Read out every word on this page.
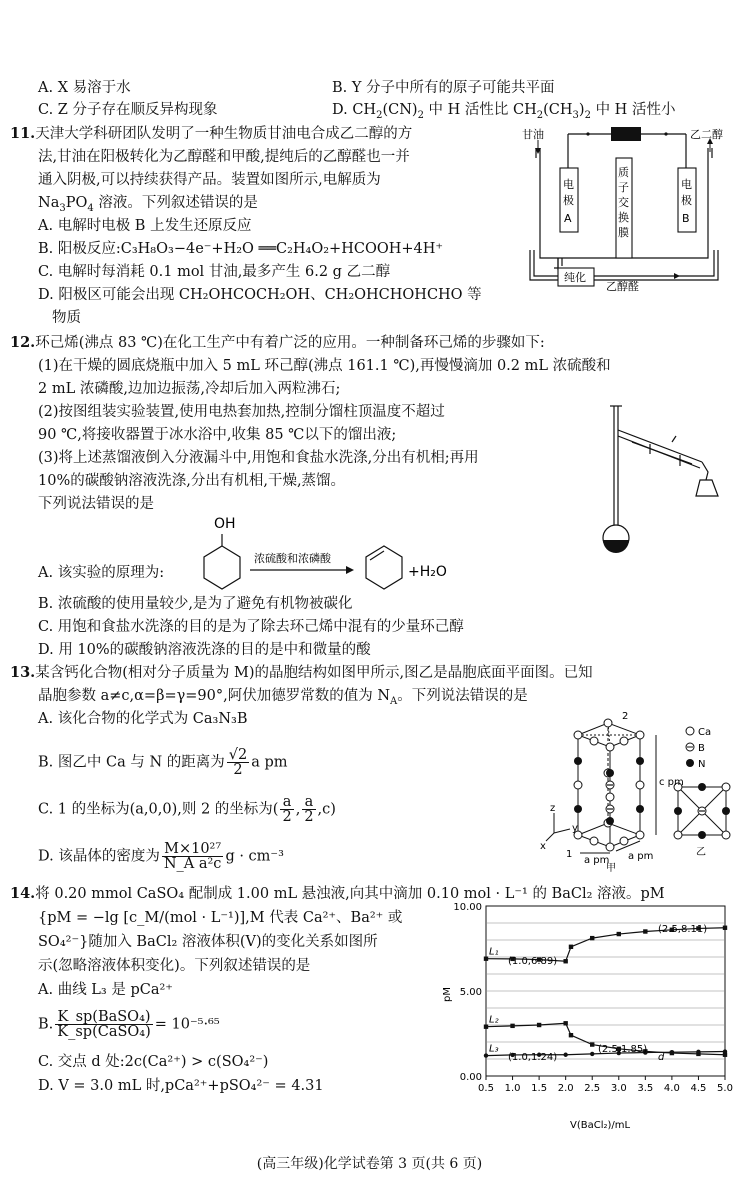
A. X 易溶于水	B. Y 分子中所有的原子可能共平面
C. Z 分子存在顺反异构现象	D. $CH_2(CN)_2$ 中 H 活性比 $CH_2(CH_3)_2$ 中 H 活性小
11.天津大学科研团队发明了一种生物质甘油电合成乙二醇的方
法,甘油在阳极转化为乙醇醛和甲酸,提纯后的乙醇醛也一并
通入阴极,可以持续获得产品。装置如图所示,电解质为
$Na_3PO_4$ 溶液。下列叙述错误的是
A. 电解时电极 B 上发生还原反应
B. 阳极反应:C₃H₈O₃−4e⁻+H₂O ══C₂H₄O₂+HCOOH+4H⁺
C. 电解时每消耗 0.1 mol 甘油,最多产生 6.2 g 乙二醇
D. 阳极区可能会出现 CH₂OHCOCH₂OH、CH₂OHCHOHCHO 等
物质
甘油	乙二醇
电
极
A
电
极
B
质
子
交
换
膜
纯化
乙醇醛
12.环己烯(沸点 83 ℃)在化工生产中有着广泛的应用。一种制备环己烯的步骤如下:
(1)在干燥的圆底烧瓶中加入 5 mL 环己醇(沸点 161.1 ℃),再慢慢滴加 0.2 mL 浓硫酸和
2 mL 浓磷酸,边加边振荡,冷却后加入两粒沸石;
(2)按图组装实验装置,使用电热套加热,控制分馏柱顶温度不超过
90 ℃,将接收器置于冰水浴中,收集 85 ℃以下的馏出液;
(3)将上述蒸馏液倒入分液漏斗中,用饱和食盐水洗涤,分出有机相;再用
10%的碳酸钠溶液洗涤,分出有机相,干燥,蒸馏。
下列说法错误的是
A. 该实验的原理为:
OH
浓硫酸和浓磷酸
+H₂O
B. 浓硫酸的使用量较少,是为了避免有机物被碳化
C. 用饱和食盐水洗涤的目的是为了除去环己烯中混有的少量环己醇
D. 用 10%的碳酸钠溶液洗涤的目的是中和微量的酸
13.某含钙化合物(相对分子质量为 M)的晶胞结构如图甲所示,图乙是晶胞底面平面图。已知
晶胞参数 a≠c,α=β=γ=90°,阿伏加德罗常数的值为 $N_A$。下列说法错误的是
A. 该化合物的化学式为 Ca₃N₃B
B. 图乙中 Ca 与 N 的距离为 $\frac{√2}{2}$ a pm
C. 1 的坐标为(a,0,0),则 2 的坐标为( $\frac{a}{2}$ , $\frac{a}{2} ,c$)
D. 该晶体的密度为 $\frac{\text{M×10²⁷}}{\text{N\_A a²c}}$ g · cm⁻³
Ca
B
N
c pm
a pm a pm
1
2
z
y
x
甲
乙
14.将 0.20 mmol CaSO₄ 配制成 1.00 mL 悬浊液,向其中滴加 0.10 mol · L⁻¹ 的 BaCl₂ 溶液。pM
{pM = −lg [c_M/(mol · L⁻¹)],M 代表 Ca²⁺、Ba²⁺ 或
SO₄²⁻}随加入 BaCl₂ 溶液体积(V)的变化关系如图所
示(忽略溶液体积变化)。下列叙述错误的是
A. 曲线 L₃ 是 pCa²⁺
B. $\frac{\text{K\_sp(BaSO₄)}}{\text{K\_sp(CaSO₄)}} = 10^{-5}\cdot^{65}$
C. 交点 d 处:2c(Ca²⁺) > c(SO₄²⁻)
D. V = 3.0 mL 时,pCa²⁺+pSO₄²⁻ = 4.31
L₁
L₂
L₃
0.5 1.0 1.5 2.0 2.5 3.0 3.5 4.0 4.5 5.0
0.00
5.00
10.00
pM
V(BaCl₂)/mL
(2.5,8.11)
(1.0,6.89)
(2.5,1.85)
(1.0,1.24)	d
(高三年级)化学试卷第 3 页(共 6 页)
